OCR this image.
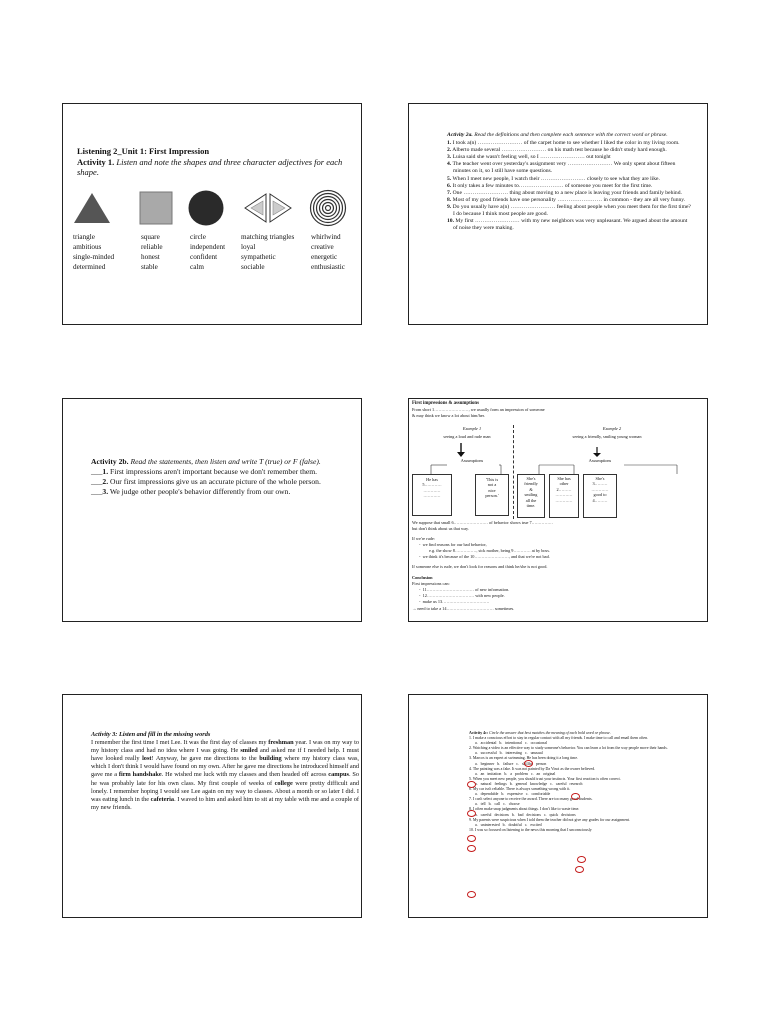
Listening 2_Unit 1: First Impression
Activity 1. Listen and note the shapes and three character adjectives for each shape.
triangle
ambitious
single-minded
determined
square
reliable
honest
stable
circle
independent
confident
calm
matching triangles
loyal
sympathetic
sociable
whirlwind
creative
energetic
enthusiastic
Activity 2a. Read the definitions and then complete each sentence with the correct word or phrase.
1. I took a(n) …………………… of the carpet home to see whether I liked the color in my living room.
2. Alberto made several …………………… on his math test because he didn't study hard enough.
3. Luisa said she wasn't feeling well, so I …………………… out tonight
4. The teacher went over yesterday's assignment very …………………… We only spent about fifteen minutes on it, so I still have some questions.
5. When I meet new people, I watch their …………………… closely to see what they are like.
6. It only takes a few minutes to…………………… of someone you meet for the first time.
7. One …………………… thing about moving to a new place is leaving your friends and family behind.
8. Most of my good friends have one personality …………………… in common - they are all very funny.
9. Do you usually have a(n) …………………… feeling about people when you meet them for the first time? I do because I think most people are good.
10. My first …………………… with my new neighbors was very unpleasant. We argued about the amount of noise they were making.
Activity 2b. Read the statements, then listen and write T (true) or F (false).
___1. First impressions aren't important because we don't remember them.
___2. Our first impressions give us an accurate picture of the whole person.
___3. We judge other people's behavior differently from our own.
First impressions & assumptions
From short 1……………………, we usually form an impression of someone
& may think we know a lot about him/her.
Example 1
seeing a loud and rude man
Example 2
seeing a friendly, smiling young woman
Assumptions	Assumptions
He has
5…………
…………
…………
'This is
not a
nice
person.'
She's
friendly
&
smiling
all the
time.
She has
other
2………
…………
…………
She's
3………
…………
good to
4………
We suppose that small 6…………………… of behavior shows true 7……………
but don't think about us that way.
If we're rude:
-  we find reasons for our bad behavior,
e.g. the show 8……………, sick mother, being 9………… at by boss.
-  we think it's because of the 10……………………, and that we're not bad.
If someone else is rude, we don't look for reasons and think he/she is not good.
Conclusion
First impressions can:
-  11…………………………… of new information.
-  12…………………………… with new people.
-  make us 13……………………………
→ need to take a 14…………………………… sometimes.
Activity 3: Listen and fill in the missing words
I remember the first time I met Lee. It was the first day of classes my freshman year. I was on my way to my history class and had no idea where I was going. He smiled and asked me if I needed help. I must have looked really lost! Anyway, he gave me directions to the building where my history class was, which I don't think I would have found on my own. After he gave me directions he introduced himself and gave me a firm handshake. He wished me luck with my classes and then headed off across campus. So he was probably late for his own class. My first couple of weeks of college were pretty difficult and lonely. I remember hoping I would see Lee again on my way to classes. About a month or so later I did. I was eating lunch in the cafeteria. I waved to him and asked him to sit at my table with me and a couple of my new friends.
Activity 4c: Circle the answer that best matches the meaning of each bold word or phrase.
1. I make a conscious effort to stay in regular contact with all my friends. I make time to call and email them often.
a. accidental b. intentional c. occasional
2. Watching a video is an effective way to study someone's behavior. You can learn a lot from the way people move their hands.
a. successful b. interesting c. unusual
3. Marcos is an expert at swimming. He has been doing it a long time.
a. beginner b. failure c. skillful person
4. The painting was a fake. It was not painted by Da Vinci as the owner believed.
a. an imitation b. a problem c. an original
5. When you meet new people, you should trust your instincts. Your first reaction is often correct.
a. natural feelings b. general knowledge c. careful research
6. My car isn't reliable. There is always something wrong with it.
a. dependable b. expensive c. comfortable
7. I can't select anyone to receive the award. There are too many good students.
a. tell b. call c. choose
8. I often make snap judgments about things. I don't like to waste time.
a. careful decisions b. bad decisions c. quick decisions
9. My parents were suspicious when I told them the teacher did not give any grades for our assignment.
a. uninterested b. doubtful c. excited
10. I was so focused on listening to the news this morning that I unconsciously
